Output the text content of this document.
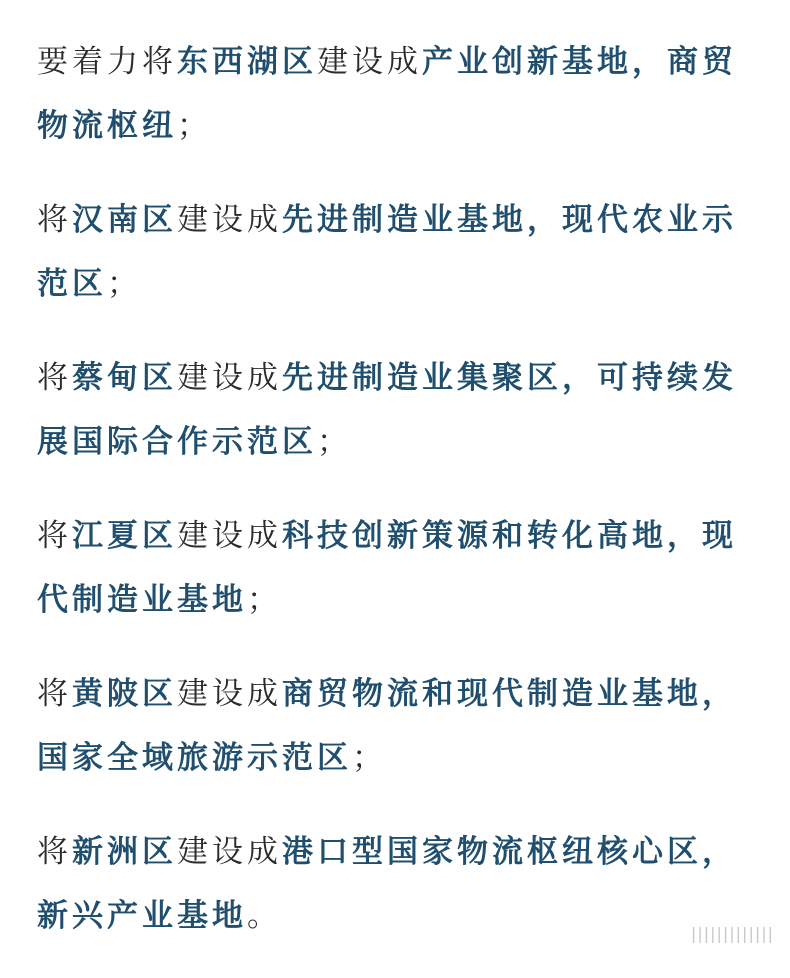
要着力将东西湖区建设成产业创新基地，商贸物流枢纽；

将汉南区建设成先进制造业基地，现代农业示范区；

将蔡甸区建设成先进制造业集聚区，可持续发展国际合作示范区；

将江夏区建设成科技创新策源和转化高地，现代制造业基地；

将黄陂区建设成商贸物流和现代制造业基地，国家全域旅游示范区；

将新洲区建设成港口型国家物流枢纽核心区，新兴产业基地。	|||||||||||||
